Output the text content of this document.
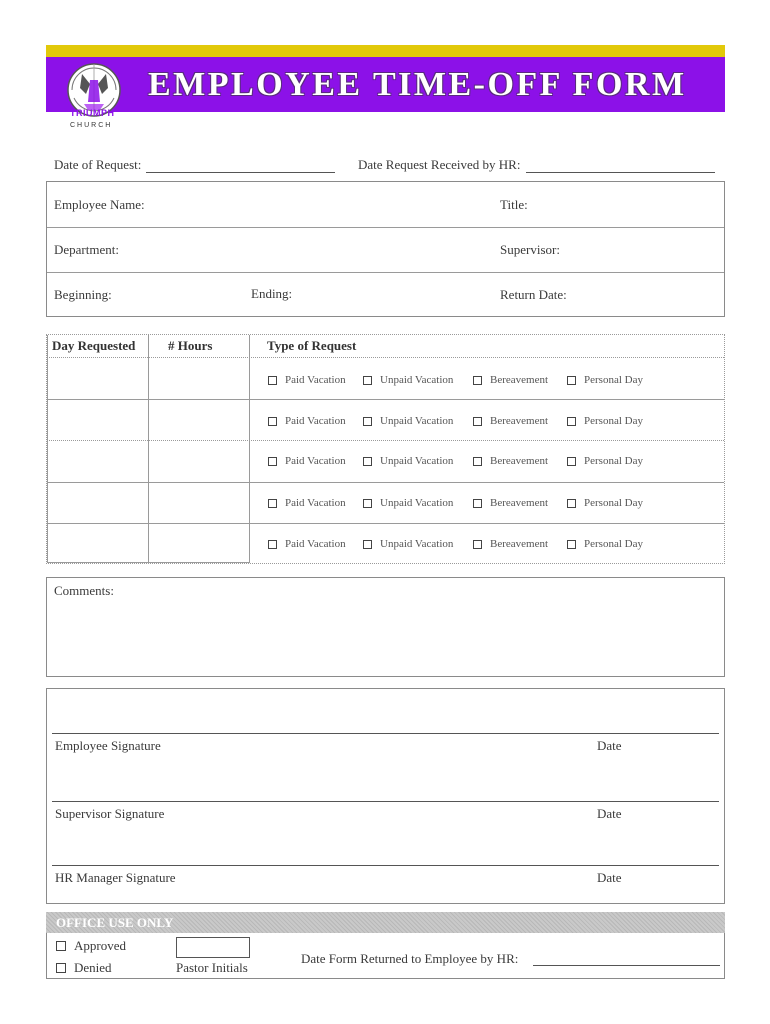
EMPLOYEE TIME-OFF FORM
TRIUMPH
CHURCH
Date of Request:	Date Request Received by HR:
Employee Name:	Title:
Department:	Supervisor:
Beginning:	Ending:	Return Date:
Day Requested	# Hours	Type of Request
Paid Vacation	Unpaid Vacation	Bereavement	Personal Day
Paid Vacation	Unpaid Vacation	Bereavement	Personal Day
Paid Vacation	Unpaid Vacation	Bereavement	Personal Day
Paid Vacation	Unpaid Vacation	Bereavement	Personal Day
Paid Vacation	Unpaid Vacation	Bereavement	Personal Day
Comments:
Employee Signature	Date
Supervisor Signature	Date
HR Manager Signature	Date
OFFICE USE ONLY
Approved
Denied	Pastor Initials
Date Form Returned to Employee by HR:
